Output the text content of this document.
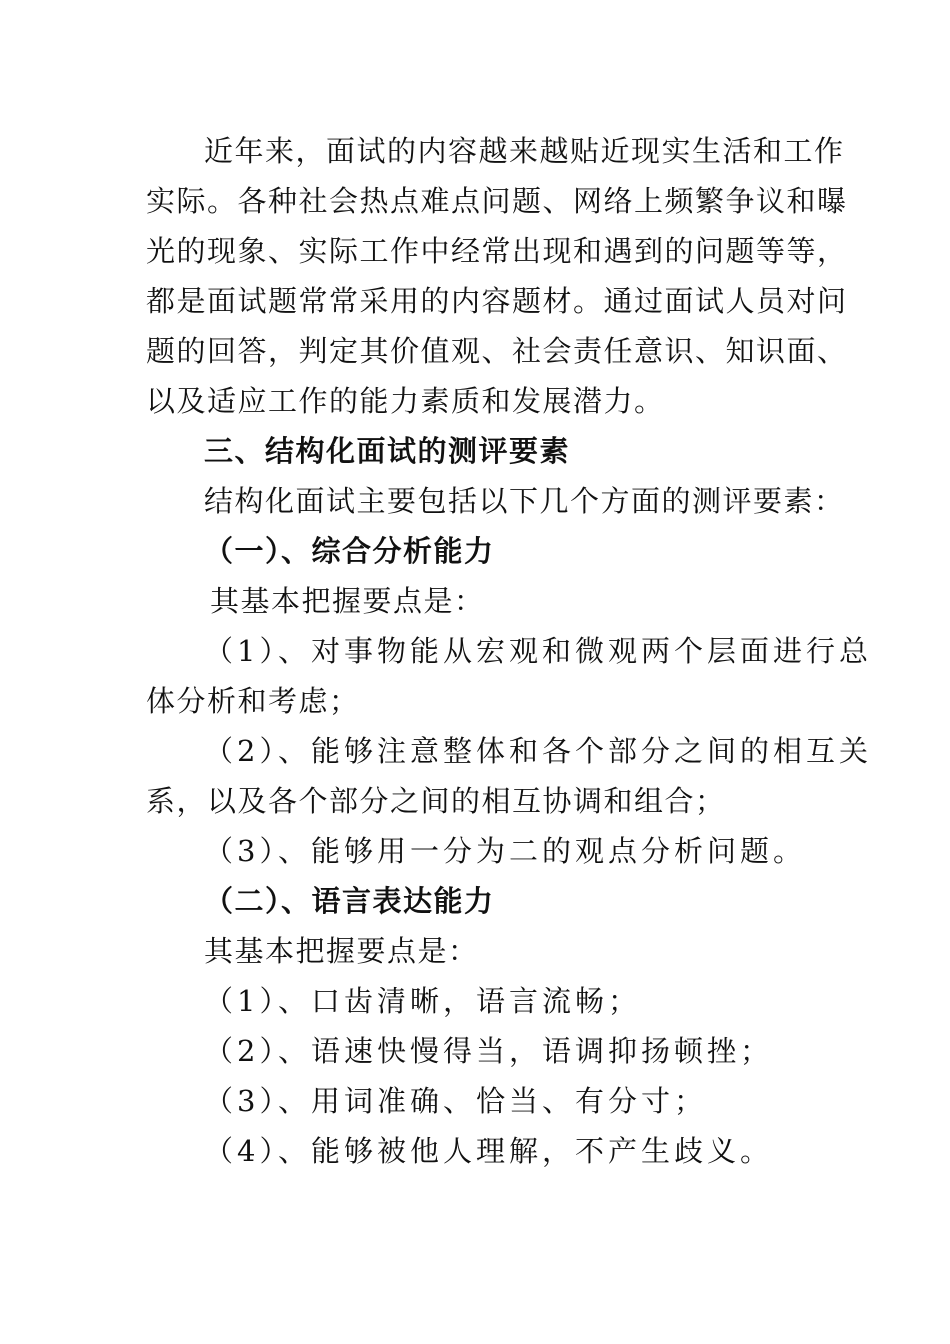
近年来，面试的内容越来越贴近现实生活和工作
实际。各种社会热点难点问题、网络上频繁争议和曝
光的现象、实际工作中经常出现和遇到的问题等等，
都是面试题常常采用的内容题材。通过面试人员对问
题的回答，判定其价值观、社会责任意识、知识面、
以及适应工作的能力素质和发展潜力。
三、结构化面试的测评要素
结构化面试主要包括以下几个方面的测评要素：
（一）、综合分析能力
其基本把握要点是：
（1）、对事物能从宏观和微观两个层面进行总
体分析和考虑；
（2）、能够注意整体和各个部分之间的相互关
系，以及各个部分之间的相互协调和组合；
（3）、能够用一分为二的观点分析问题。
（二）、语言表达能力
其基本把握要点是：
（1）、口齿清晰，语言流畅；
（2）、语速快慢得当，语调抑扬顿挫；
（3）、用词准确、恰当、有分寸；
（4）、能够被他人理解，不产生歧义。
